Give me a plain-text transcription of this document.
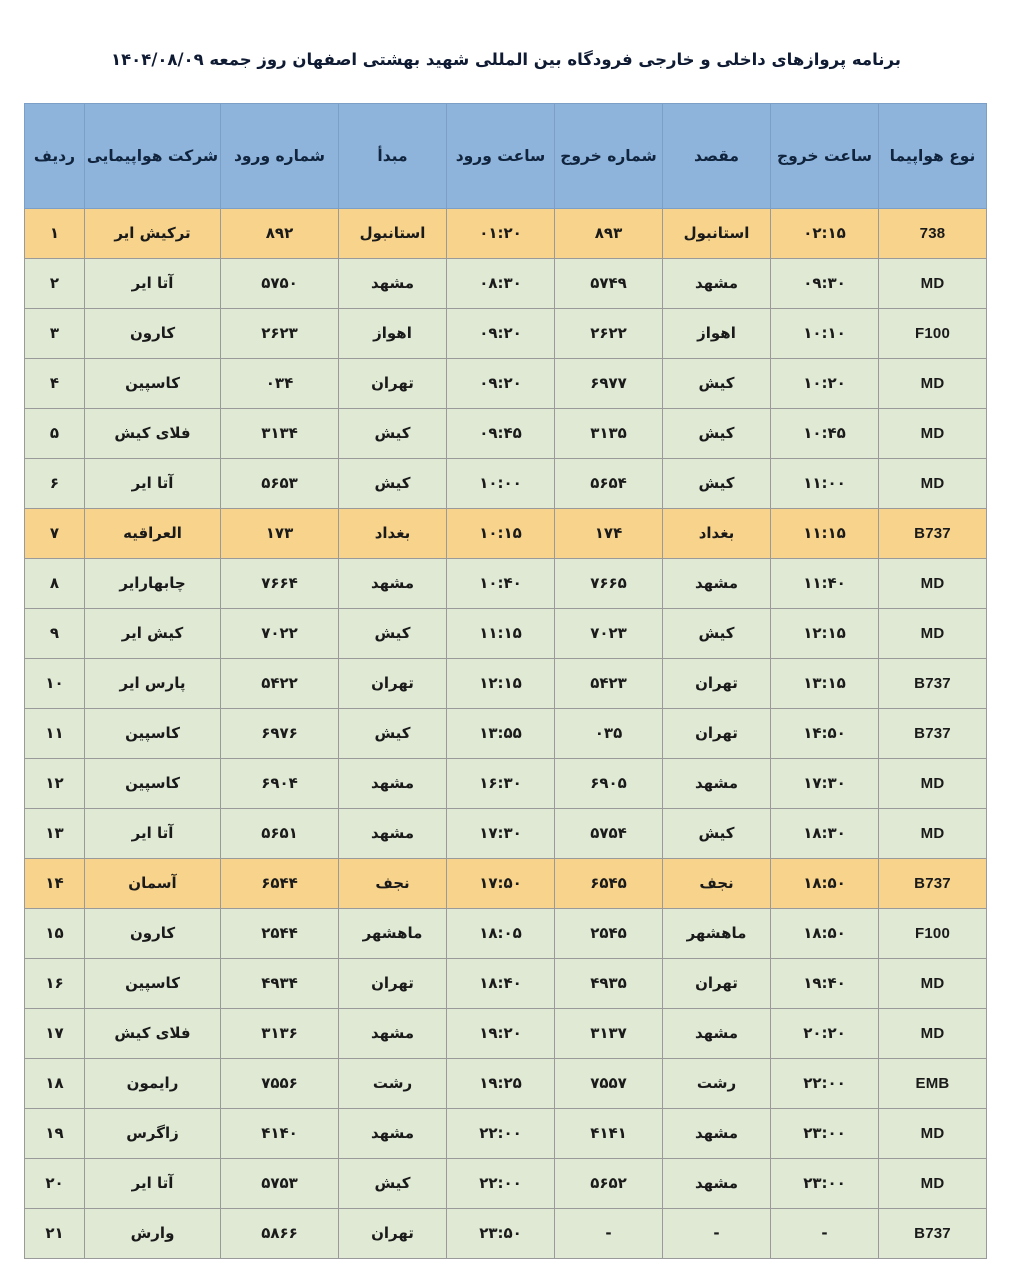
برنامه پروازهای داخلی و خارجی فرودگاه بین المللی شهید بهشتی اصفهان روز جمعه ۱۴۰۴/۰۸/۰۹
نوع هواپیما	ساعت خروج	مقصد	شماره خروج	ساعت ورود	مبدأ	شماره ورود	شرکت هواپیمایی	ردیف
738	۰۲:۱۵	استانبول	۸۹۳	۰۱:۲۰	استانبول	۸۹۲	ترکیش ایر	۱
MD	۰۹:۳۰	مشهد	۵۷۴۹	۰۸:۳۰	مشهد	۵۷۵۰	آتا ایر	۲
F100	۱۰:۱۰	اهواز	۲۶۲۲	۰۹:۲۰	اهواز	۲۶۲۳	کارون	۳
MD	۱۰:۲۰	کیش	۶۹۷۷	۰۹:۲۰	تهران	۰۳۴	کاسپین	۴
MD	۱۰:۴۵	کیش	۳۱۳۵	۰۹:۴۵	کیش	۳۱۳۴	فلای کیش	۵
MD	۱۱:۰۰	کیش	۵۶۵۴	۱۰:۰۰	کیش	۵۶۵۳	آتا ایر	۶
B737	۱۱:۱۵	بغداد	۱۷۴	۱۰:۱۵	بغداد	۱۷۳	العراقیه	۷
MD	۱۱:۴۰	مشهد	۷۶۶۵	۱۰:۴۰	مشهد	۷۶۶۴	چابهارایر	۸
MD	۱۲:۱۵	کیش	۷۰۲۳	۱۱:۱۵	کیش	۷۰۲۲	کیش ایر	۹
B737	۱۳:۱۵	تهران	۵۴۲۳	۱۲:۱۵	تهران	۵۴۲۲	پارس ایر	۱۰
B737	۱۴:۵۰	تهران	۰۳۵	۱۳:۵۵	کیش	۶۹۷۶	کاسپین	۱۱
MD	۱۷:۳۰	مشهد	۶۹۰۵	۱۶:۳۰	مشهد	۶۹۰۴	کاسپین	۱۲
MD	۱۸:۳۰	کیش	۵۷۵۴	۱۷:۳۰	مشهد	۵۶۵۱	آتا ایر	۱۳
B737	۱۸:۵۰	نجف	۶۵۴۵	۱۷:۵۰	نجف	۶۵۴۴	آسمان	۱۴
F100	۱۸:۵۰	ماهشهر	۲۵۴۵	۱۸:۰۵	ماهشهر	۲۵۴۴	کارون	۱۵
MD	۱۹:۴۰	تهران	۴۹۳۵	۱۸:۴۰	تهران	۴۹۳۴	کاسپین	۱۶
MD	۲۰:۲۰	مشهد	۳۱۳۷	۱۹:۲۰	مشهد	۳۱۳۶	فلای کیش	۱۷
EMB	۲۲:۰۰	رشت	۷۵۵۷	۱۹:۲۵	رشت	۷۵۵۶	رایمون	۱۸
MD	۲۳:۰۰	مشهد	۴۱۴۱	۲۲:۰۰	مشهد	۴۱۴۰	زاگرس	۱۹
MD	۲۳:۰۰	مشهد	۵۶۵۲	۲۲:۰۰	کیش	۵۷۵۳	آتا ایر	۲۰
B737	-	-	-	۲۳:۵۰	تهران	۵۸۶۶	وارش	۲۱
